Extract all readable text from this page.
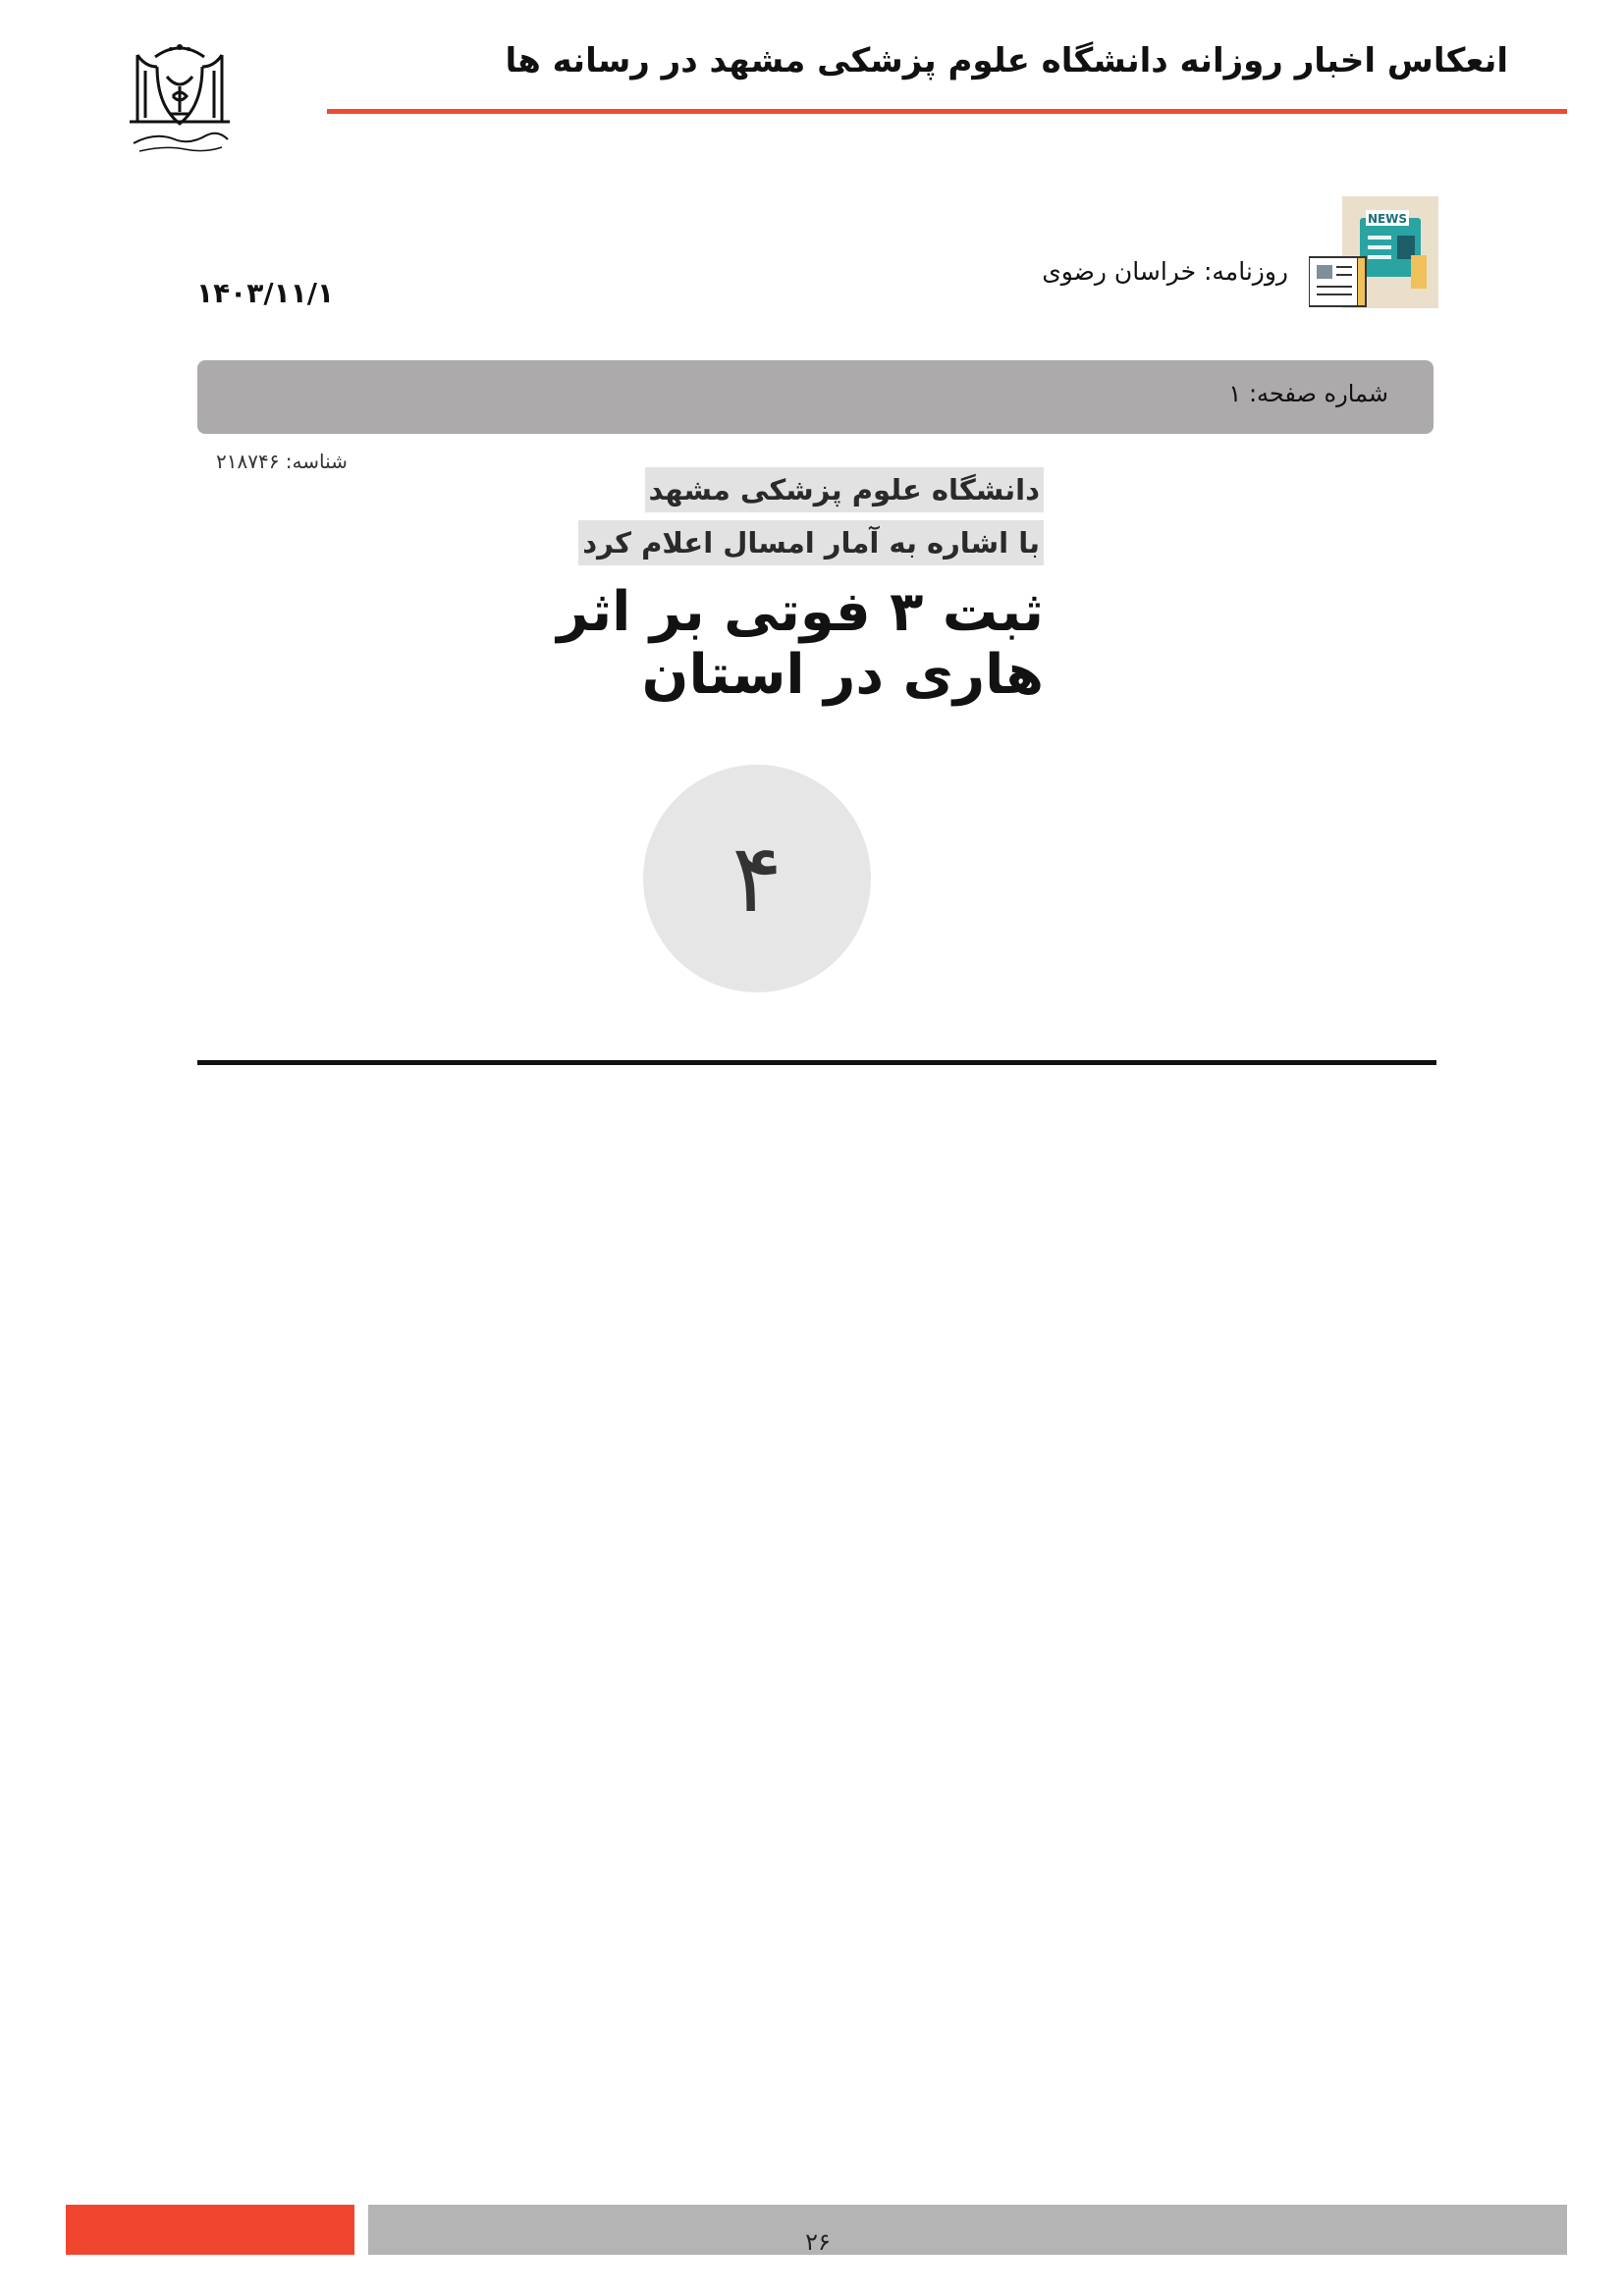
انعکاس اخبار روزانه دانشگاه علوم پزشکی مشهد در رسانه ها
NEWS
روزنامه: خراسان رضوی
۱۴۰۳/۱۱/۱
شماره صفحه: ۱
شناسه: ۲۱۸۷۴۶
دانشگاه علوم پزشکی مشهد
با اشاره به آمار امسال اعلام کرد
ثبت ۳ فوتی بر اثر
هاری در استان
۴
۲۶
